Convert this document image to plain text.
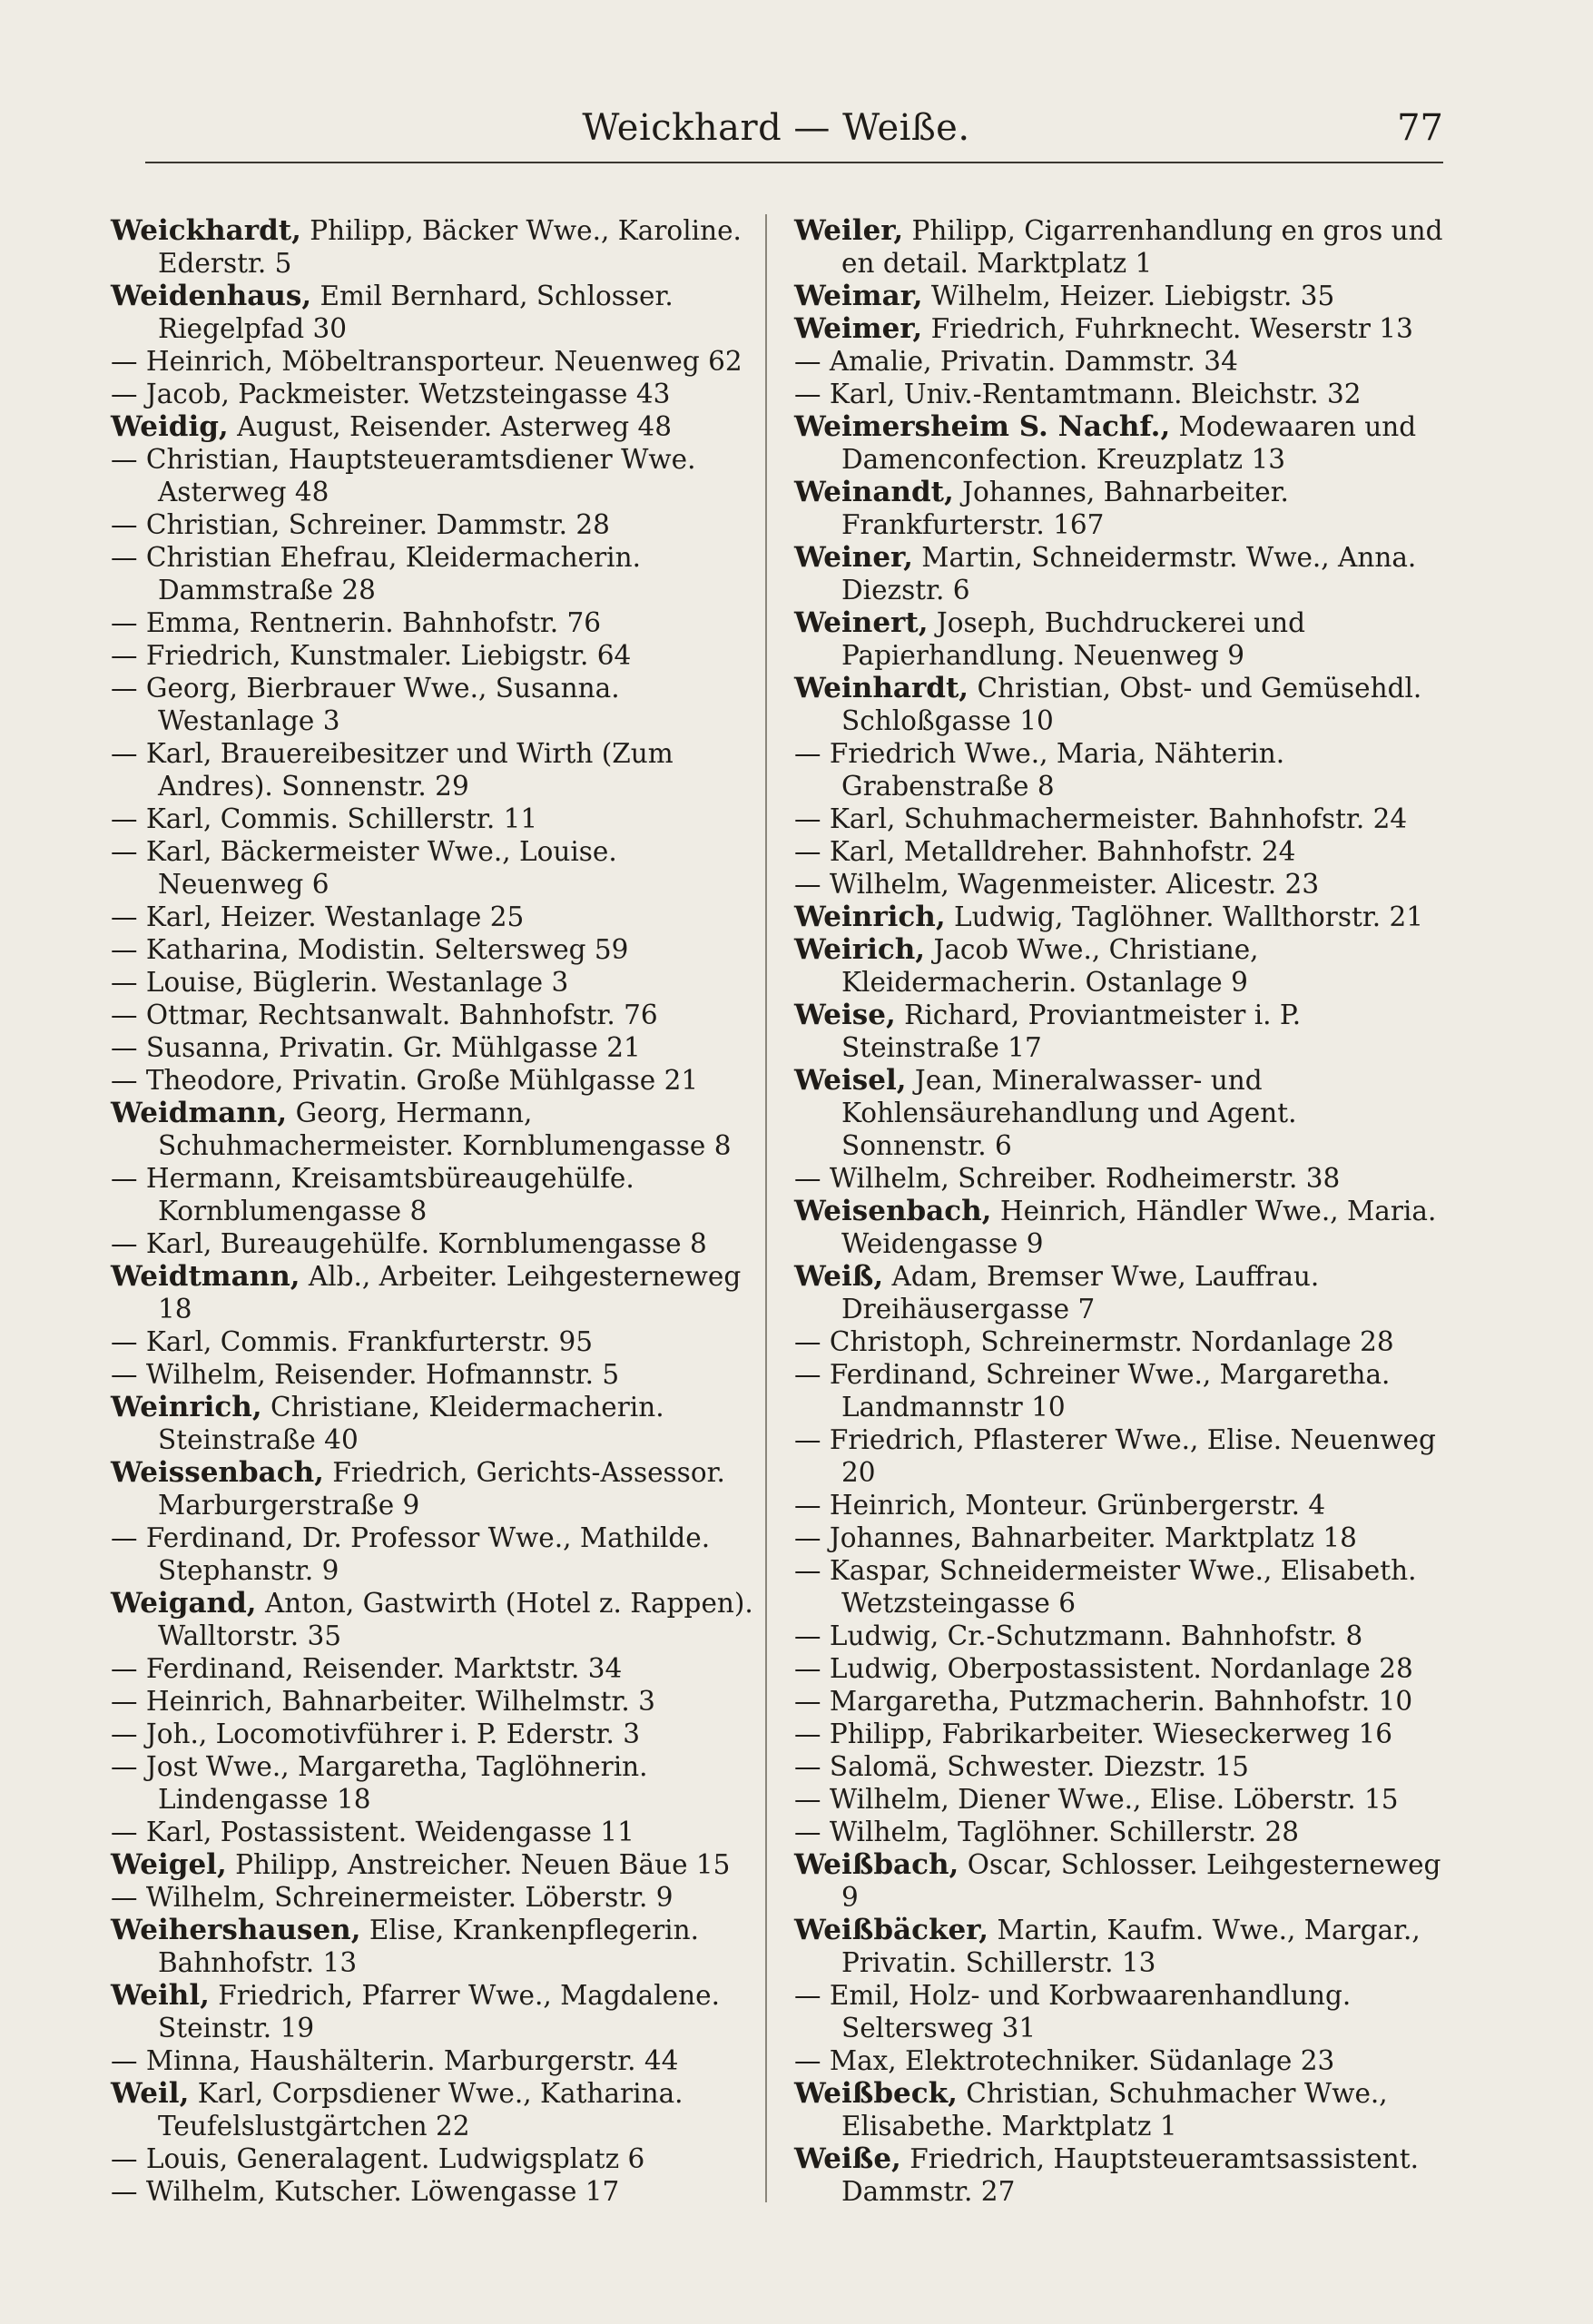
Weickhard — Weiße.	77

Weickhardt, Philipp, Bäcker Wwe., Karoline. Ederstr. 5

Weidenhaus, Emil Bernhard, Schlosser. Riegelpfad 30

— Heinrich, Möbeltransporteur. Neuenweg 62

— Jacob, Packmeister. Wetzsteingasse 43

Weidig, August, Reisender. Asterweg 48

— Christian, Hauptsteueramtsdiener Wwe. Asterweg 48

— Christian, Schreiner. Dammstr. 28

— Christian Ehefrau, Kleidermacherin. Dammstraße 28

— Emma, Rentnerin. Bahnhofstr. 76

— Friedrich, Kunstmaler. Liebigstr. 64

— Georg, Bierbrauer Wwe., Susanna. Westanlage 3

— Karl, Brauereibesitzer und Wirth (Zum Andres). Sonnenstr. 29

— Karl, Commis. Schillerstr. 11

— Karl, Bäckermeister Wwe., Louise. Neuenweg 6

— Karl, Heizer. Westanlage 25

— Katharina, Modistin. Seltersweg 59

— Louise, Büglerin. Westanlage 3

— Ottmar, Rechtsanwalt. Bahnhofstr. 76

— Susanna, Privatin. Gr. Mühlgasse 21

— Theodore, Privatin. Große Mühlgasse 21

Weidmann, Georg, Hermann, Schuhmachermeister. Kornblumengasse 8

— Hermann, Kreisamtsbüreaugehülfe. Kornblumengasse 8

— Karl, Bureaugehülfe. Kornblumengasse 8

Weidtmann, Alb., Arbeiter. Leihgesterneweg 18

— Karl, Commis. Frankfurterstr. 95

— Wilhelm, Reisender. Hofmannstr. 5

Weinrich, Christiane, Kleidermacherin. Steinstraße 40

Weissenbach, Friedrich, Gerichts-Assessor. Marburgerstraße 9

— Ferdinand, Dr. Professor Wwe., Mathilde. Stephanstr. 9

Weigand, Anton, Gastwirth (Hotel z. Rappen). Walltorstr. 35

— Ferdinand, Reisender. Marktstr. 34

— Heinrich, Bahnarbeiter. Wilhelmstr. 3

— Joh., Locomotivführer i. P. Ederstr. 3

— Jost Wwe., Margaretha, Taglöhnerin. Lindengasse 18

— Karl, Postassistent. Weidengasse 11

Weigel, Philipp, Anstreicher. Neuen Bäue 15

— Wilhelm, Schreinermeister. Löberstr. 9

Weihershausen, Elise, Krankenpflegerin. Bahnhofstr. 13

Weihl, Friedrich, Pfarrer Wwe., Magdalene. Steinstr. 19

— Minna, Haushälterin. Marburgerstr. 44

Weil, Karl, Corpsdiener Wwe., Katharina. Teufelslustgärtchen 22

— Louis, Generalagent. Ludwigsplatz 6

— Wilhelm, Kutscher. Löwengasse 17

Weiler, Philipp, Cigarrenhandlung en gros und en detail. Marktplatz 1

Weimar, Wilhelm, Heizer. Liebigstr. 35

Weimer, Friedrich, Fuhrknecht. Weserstr 13

— Amalie, Privatin. Dammstr. 34

— Karl, Univ.-Rentamtmann. Bleichstr. 32

Weimersheim S. Nachf., Modewaaren und Damenconfection. Kreuzplatz 13

Weinandt, Johannes, Bahnarbeiter. Frankfurterstr. 167

Weiner, Martin, Schneidermstr. Wwe., Anna. Diezstr. 6

Weinert, Joseph, Buchdruckerei und Papierhandlung. Neuenweg 9

Weinhardt, Christian, Obst- und Gemüsehdl. Schloßgasse 10

— Friedrich Wwe., Maria, Nähterin. Grabenstraße 8

— Karl, Schuhmachermeister. Bahnhofstr. 24

— Karl, Metalldreher. Bahnhofstr. 24

— Wilhelm, Wagenmeister. Alicestr. 23

Weinrich, Ludwig, Taglöhner. Wallthorstr. 21

Weirich, Jacob Wwe., Christiane, Kleidermacherin. Ostanlage 9

Weise, Richard, Proviantmeister i. P. Steinstraße 17

Weisel, Jean, Mineralwasser- und Kohlensäurehandlung und Agent. Sonnenstr. 6

— Wilhelm, Schreiber. Rodheimerstr. 38

Weisenbach, Heinrich, Händler Wwe., Maria. Weidengasse 9

Weiß, Adam, Bremser Wwe, Lauffrau. Dreihäusergasse 7

— Christoph, Schreinermstr. Nordanlage 28

— Ferdinand, Schreiner Wwe., Margaretha. Landmannstr 10

— Friedrich, Pflasterer Wwe., Elise. Neuenweg 20

— Heinrich, Monteur. Grünbergerstr. 4

— Johannes, Bahnarbeiter. Marktplatz 18

— Kaspar, Schneidermeister Wwe., Elisabeth. Wetzsteingasse 6

— Ludwig, Cr.-Schutzmann. Bahnhofstr. 8

— Ludwig, Oberpostassistent. Nordanlage 28

— Margaretha, Putzmacherin. Bahnhofstr. 10

— Philipp, Fabrikarbeiter. Wieseckerweg 16

— Salomä, Schwester. Diezstr. 15

— Wilhelm, Diener Wwe., Elise. Löberstr. 15

— Wilhelm, Taglöhner. Schillerstr. 28

Weißbach, Oscar, Schlosser. Leihgesterneweg 9

Weißbäcker, Martin, Kaufm. Wwe., Margar., Privatin. Schillerstr. 13

— Emil, Holz- und Korbwaarenhandlung. Seltersweg 31

— Max, Elektrotechniker. Südanlage 23

Weißbeck, Christian, Schuhmacher Wwe., Elisabethe. Marktplatz 1

Weiße, Friedrich, Hauptsteueramtsassistent. Dammstr. 27
